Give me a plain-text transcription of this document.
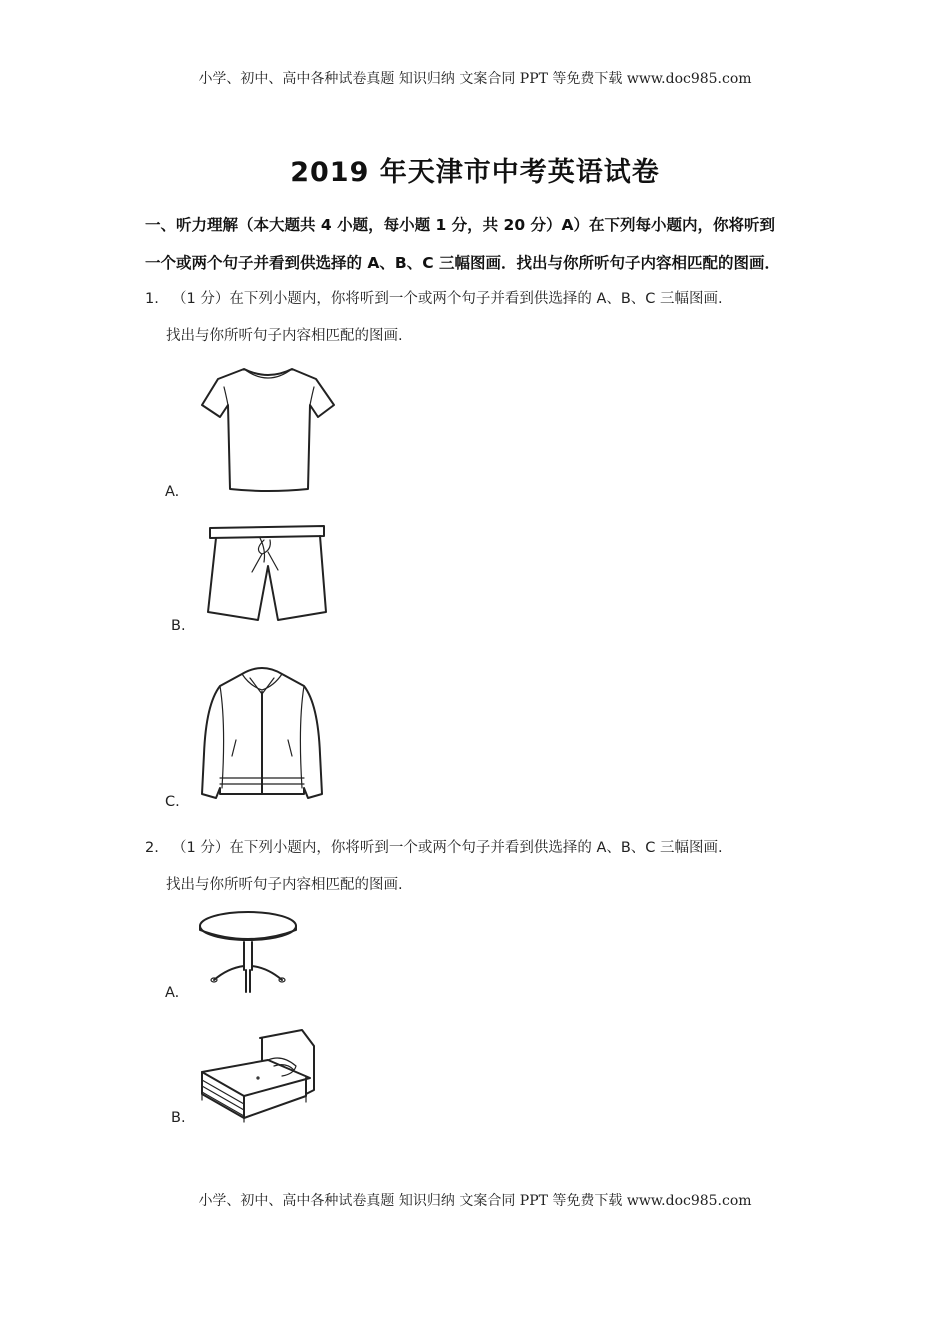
小学、初中、高中各种试卷真题 知识归纳 文案合同 PPT 等免费下载 www.doc985.com
2019 年天津市中考英语试卷
一、听力理解（本大题共 4 小题，每小题 1 分，共 20 分）A）在下列每小题内，你将听到
一个或两个句子并看到供选择的 A、B、C 三幅图画．找出与你所听句子内容相匹配的图画．
1. （1 分）在下列小题内，你将听到一个或两个句子并看到供选择的 A、B、C 三幅图画.
找出与你所听句子内容相匹配的图画.
A.
B.
C.
2. （1 分）在下列小题内，你将听到一个或两个句子并看到供选择的 A、B、C 三幅图画.
找出与你所听句子内容相匹配的图画.
A.
B.
小学、初中、高中各种试卷真题 知识归纳 文案合同 PPT 等免费下载 www.doc985.com
